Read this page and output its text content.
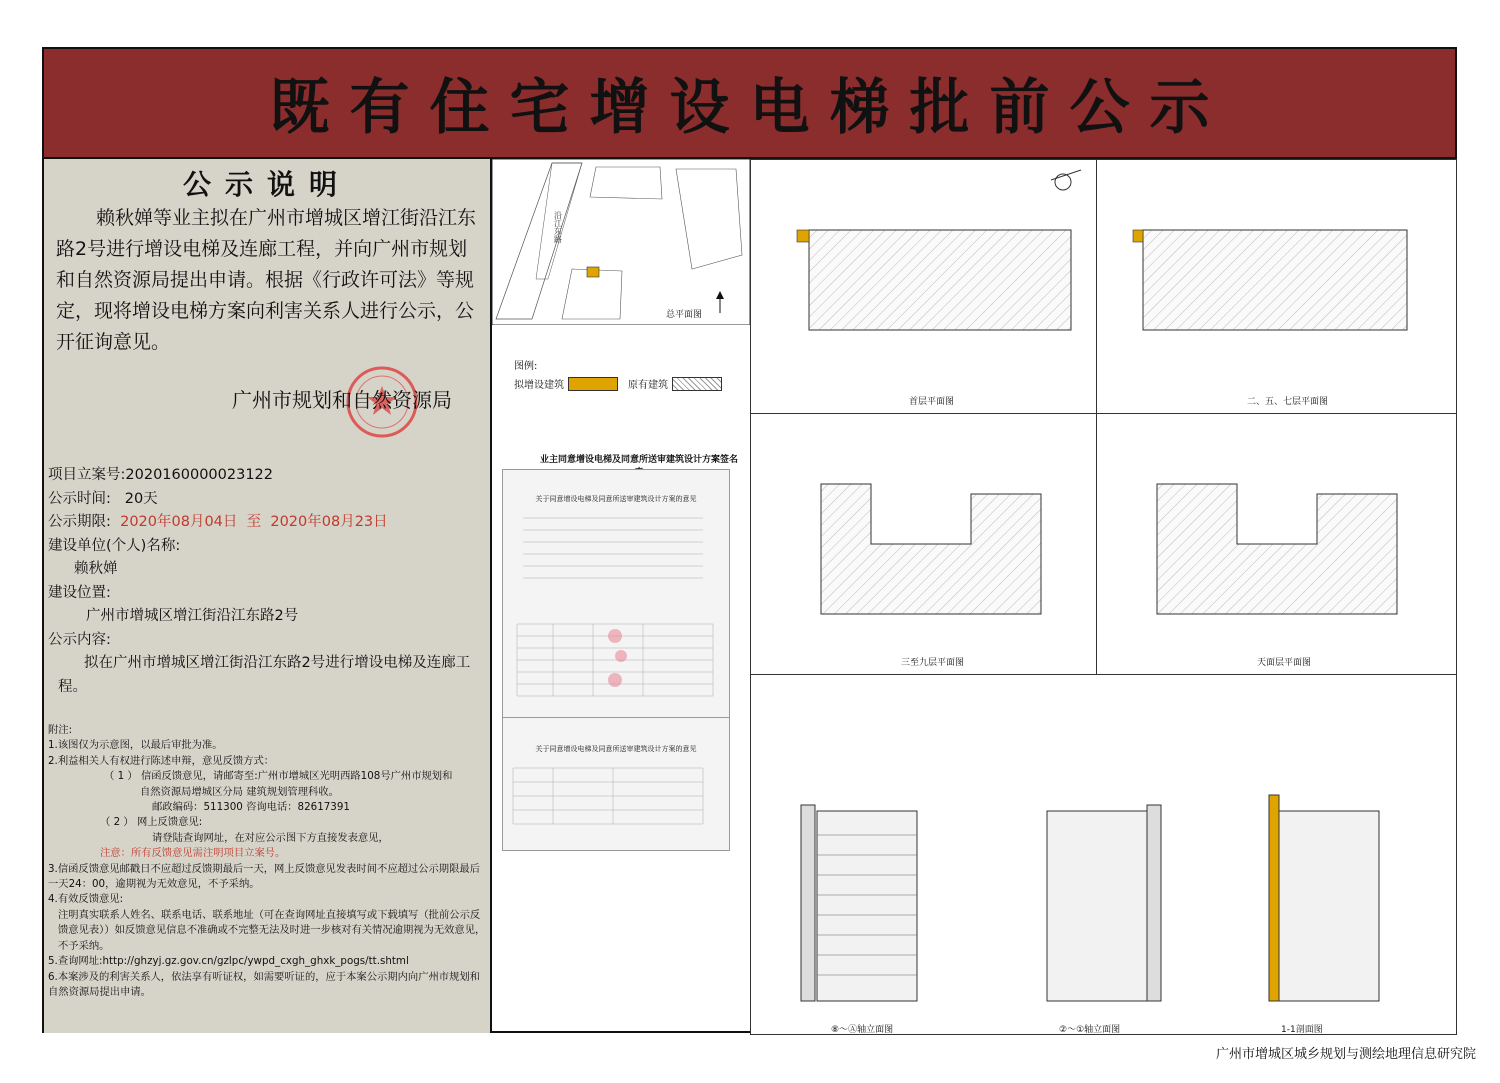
既有住宅增设电梯批前公示
公示说明
赖秋婵等业主拟在广州市增城区增江街沿江东路2号进行增设电梯及连廊工程，并向广州市规划和自然资源局提出申请。根据《行政许可法》等规定，现将增设电梯方案向利害关系人进行公示，公开征询意见。
广州市规划和自然资源局
项目立案号:2020160000023122
公示时间: 20天
公示期限: 2020年08月04日 至 2020年08月23日
建设单位(个人)名称:
赖秋婵
建设位置:
广州市增城区增江街沿江东路2号
公示内容:
拟在广州市增城区增江街沿江东路2号进行增设电梯及连廊工程。
附注:
1.该图仅为示意图，以最后审批为准。
2.利益相关人有权进行陈述申辩，意见反馈方式：
（ 1 ） 信函反馈意见，请邮寄至:广州市增城区光明西路108号广州市规划和
自然资源局增城区分局 建筑规划管理科收。
邮政编码：511300 咨询电话：82617391
（ 2 ） 网上反馈意见:
请登陆查询网址，在对应公示图下方直接发表意见，
注意：所有反馈意见需注明项目立案号。
3.信函反馈意见邮戳日不应超过反馈期最后一天，网上反馈意见发表时间不应超过公示期限最后一天24：00，逾期视为无效意见，不予采纳。
4.有效反馈意见:
注明真实联系人姓名、联系电话、联系地址（可在查询网址直接填写或下载填写（批前公示反馈意见表））如反馈意见信息不准确或不完整无法及时进一步核对有关情况逾期视为无效意见，不予采纳。
5.查询网址:http://ghzyj.gz.gov.cn/gzlpc/ywpd_cxgh_ghxk_pogs/tt.shtml
6.本案涉及的利害关系人，依法享有听证权，如需要听证的，应于本案公示期内向广州市规划和自然资源局提出申请。
沿江东路
总平面图
图例:
拟增设建筑	原有建筑
业主同意增设电梯及同意所送审建筑设计方案签名
关于同意增设电梯及同意所送审建筑设计方案的意见
关于同意增设电梯及同意所送审建筑设计方案的意见
首层平面图	二、五、七层平面图
三至九层平面图	天面层平面图
⑧～Ⓐ轴立面图	②～①轴立面图	1-1剖面图
广州市增城区城乡规划与测绘地理信息研究院
